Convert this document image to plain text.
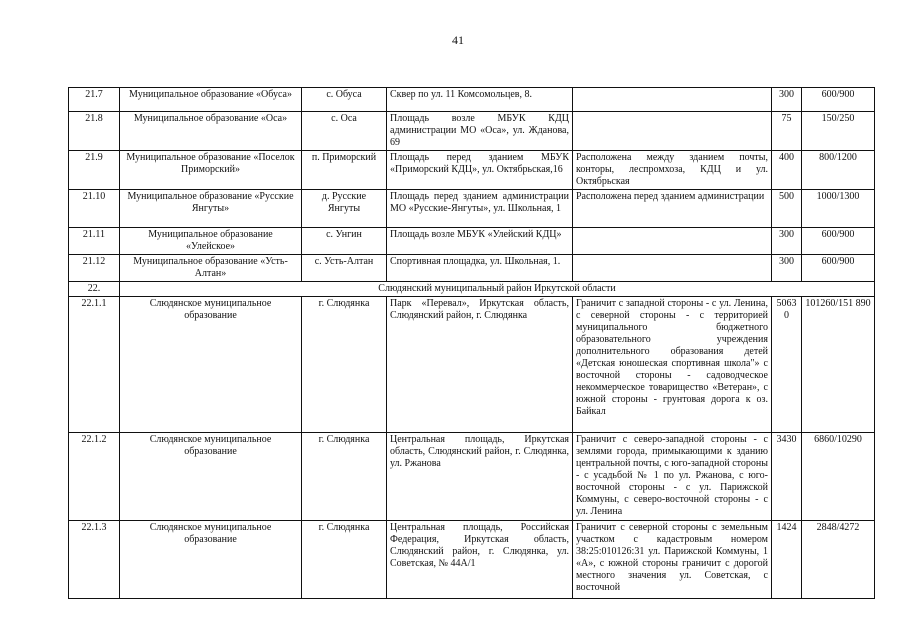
41
21.7	Муниципальное образование «Обуса»	с. Обуса	Сквер по ул. 11 Комсомольцев, 8.		300	600/900
21.8	Муниципальное образование «Оса»	с. Оса	Площадь возле МБУК КДЦ администрации МО «Оса», ул. Жданова, 69		75	150/250
21.9	Муниципальное образование «Поселок Приморский»	п. Приморский	Площадь перед зданием МБУК «Приморский КДЦ», ул. Октябрьская,16	Расположена между зданием почты, конторы, леспромхоза, КДЦ и ул. Октябрьская	400	800/1200
21.10	Муниципальное образование «Русские Янгуты»	д. Русские Янгуты	Площадь перед зданием администрации МО «Русские-Янгуты», ул. Школьная, 1	Расположена перед зданием администрации	500	1000/1300
21.11	Муниципальное образование «Улейское»	с. Унгин	Площадь возле МБУК «Улейский КДЦ»		300	600/900
21.12	Муниципальное образование «Усть-Алтан»	с. Усть-Алтан	Спортивная площадка, ул. Школьная, 1.		300	600/900
22.	Слюдянский муниципальный район Иркутской области					
22.1.1	Слюдянское муниципальное образование	г. Слюдянка	Парк «Перевал», Иркутская область, Слюдянский район, г. Слюдянка	Граничит с западной стороны - с ул. Ленина, с северной стороны - с территорией муниципального бюджетного образовательного учреждения дополнительного образования детей «Детская юношеская спортивная школа"» с восточной стороны - садоводческое некоммерческое товарищество «Ветеран», с южной стороны - грунтовая дорога к оз. Байкал	5063 0	101260/151 890
22.1.2	Слюдянское муниципальное образование	г. Слюдянка	Центральная площадь, Иркутская область, Слюдянский район, г. Слюдянка, ул. Ржанова	Граничит с северо-западной стороны - с землями города, примыкающими к зданию центральной почты, с юго-западной стороны - с усадьбой № 1 по ул. Ржанова, с юго-восточной стороны - с ул. Парижской Коммуны, с северо-восточной стороны - с ул. Ленина	3430	6860/10290
22.1.3	Слюдянское муниципальное образование	г. Слюдянка	Центральная площадь, Российская Федерация, Иркутская область, Слюдянский район, г. Слюдянка, ул. Советская, № 44А/1	Граничит с северной стороны с земельным участком с кадастровым номером 38:25:010126:31 ул. Парижской Коммуны, 1 «А», с южной стороны граничит с дорогой местного значения ул. Советская, с восточной	1424	2848/4272
